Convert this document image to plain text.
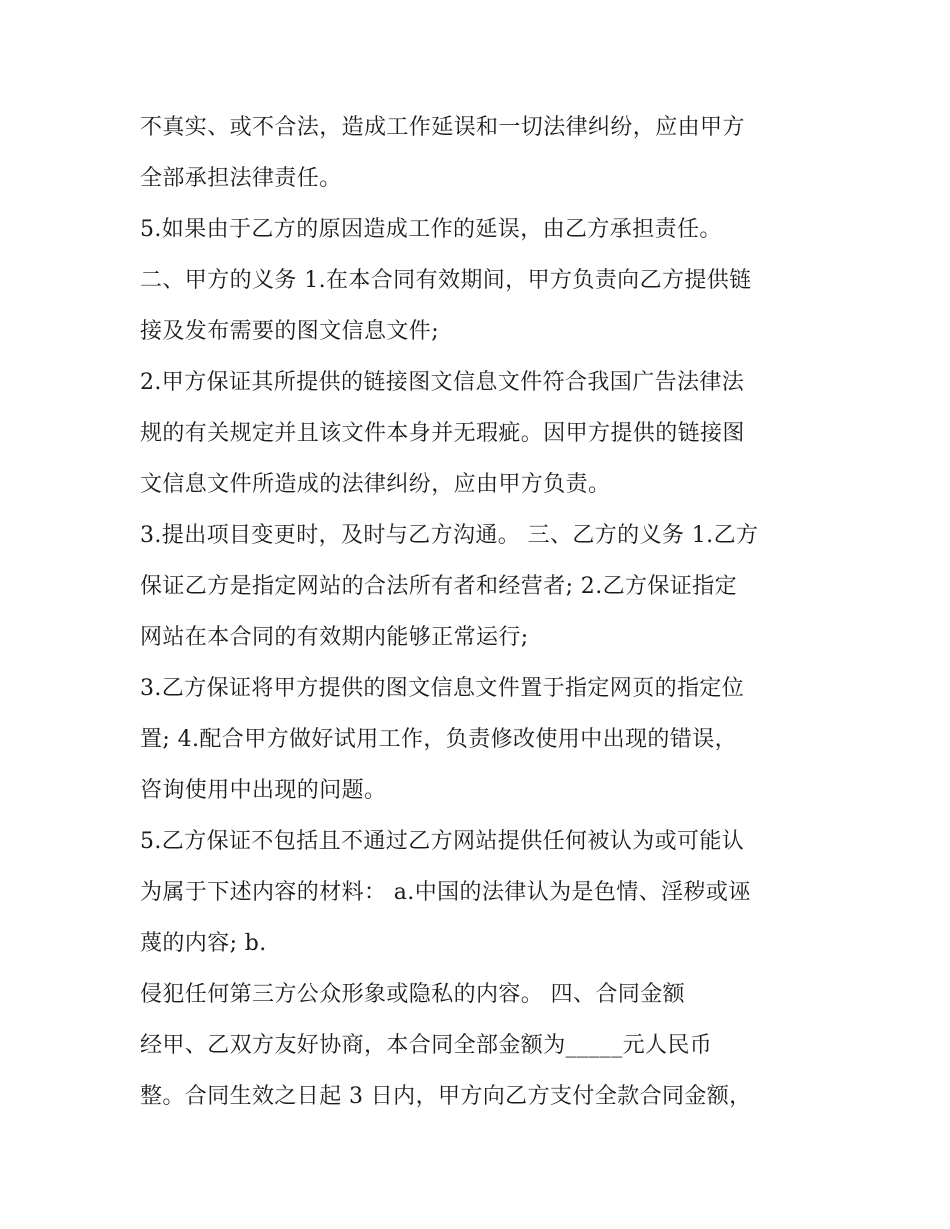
不真实、或不合法，造成工作延误和一切法律纠纷，应由甲方
全部承担法律责任。
5.如果由于乙方的原因造成工作的延误，由乙方承担责任。
二、甲方的义务 1.在本合同有效期间，甲方负责向乙方提供链
接及发布需要的图文信息文件;
2.甲方保证其所提供的链接图文信息文件符合我国广告法律法
规的有关规定并且该文件本身并无瑕疵。因甲方提供的链接图
文信息文件所造成的法律纠纷，应由甲方负责。
3.提出项目变更时，及时与乙方沟通。 三、乙方的义务 1.乙方
保证乙方是指定网站的合法所有者和经营者; 2.乙方保证指定
网站在本合同的有效期内能够正常运行;
3.乙方保证将甲方提供的图文信息文件置于指定网页的指定位
置; 4.配合甲方做好试用工作，负责修改使用中出现的错误，
咨询使用中出现的问题。
5.乙方保证不包括且不通过乙方网站提供任何被认为或可能认
为属于下述内容的材料： a.中国的法律认为是色情、淫秽或诬
蔑的内容; b.
侵犯任何第三方公众形象或隐私的内容。 四、合同金额
经甲、乙双方友好协商，本合同全部金额为_____元人民币
整。合同生效之日起 3 日内，甲方向乙方支付全款合同金额，
